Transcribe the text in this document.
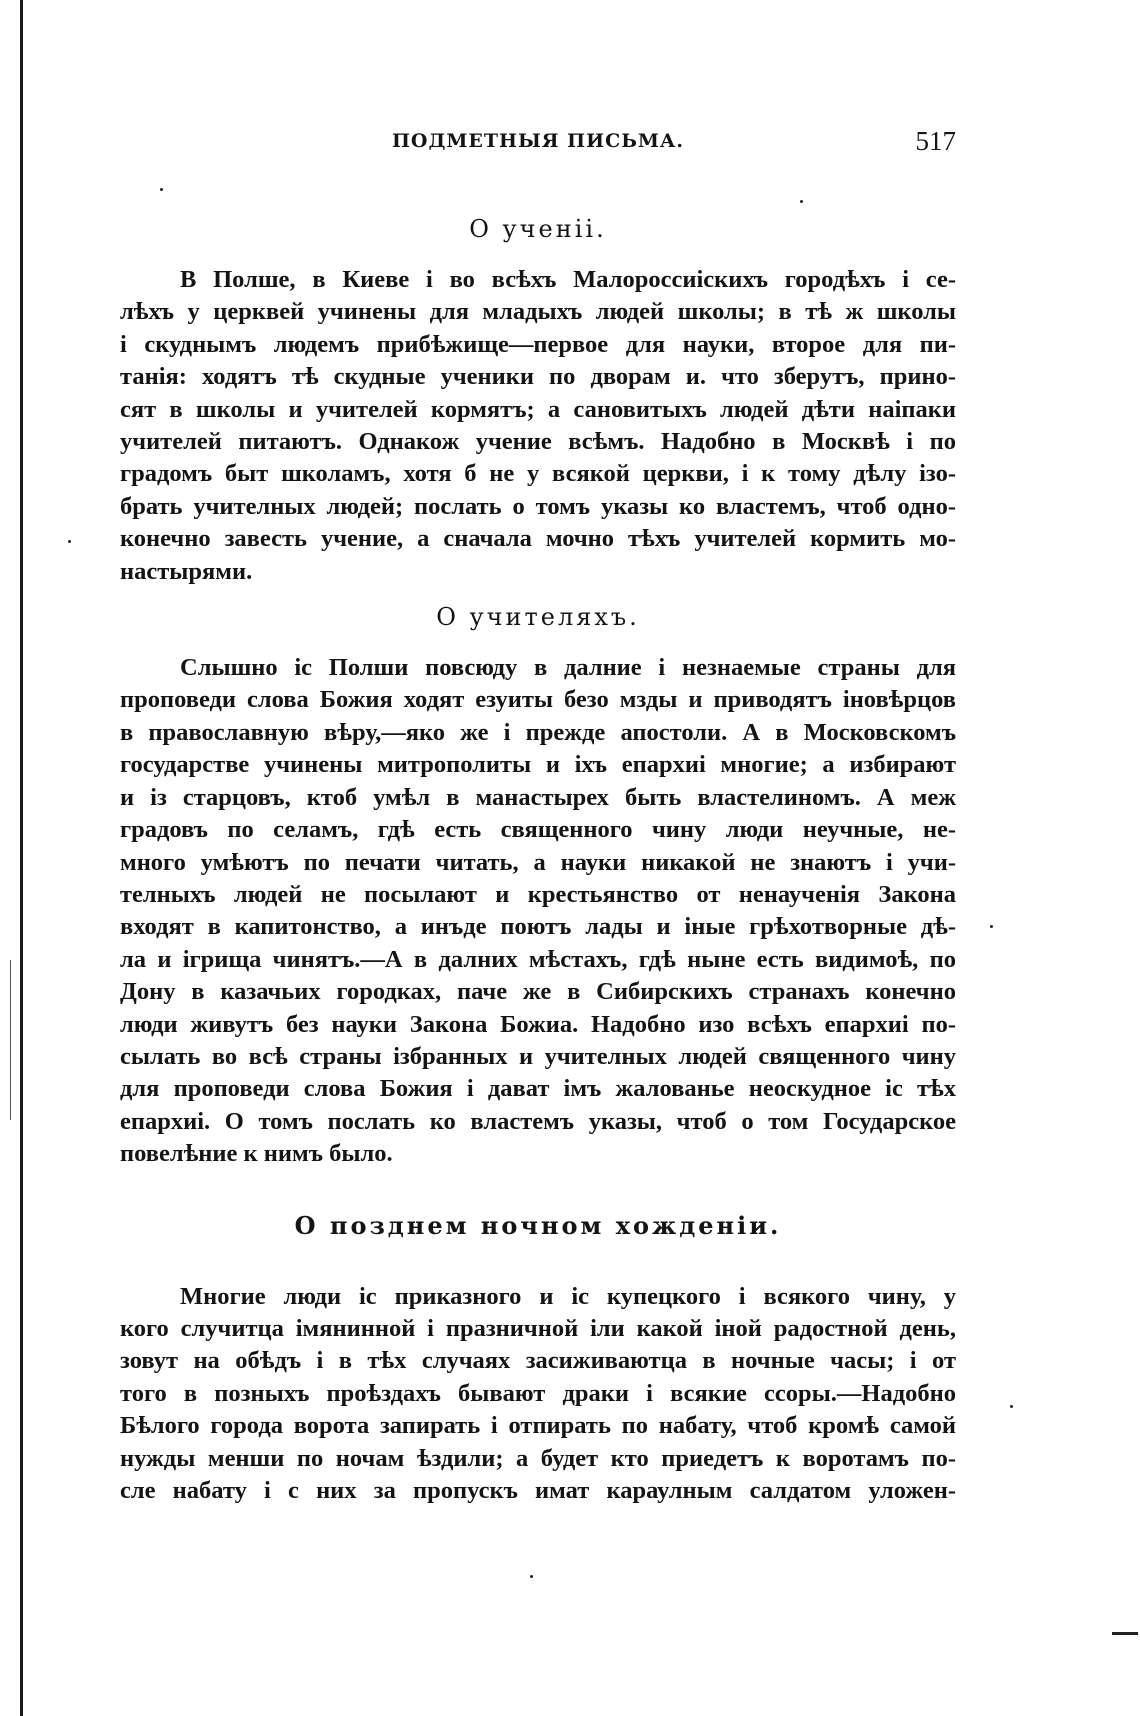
ПОДМЕТНЫЯ ПИСЬМА.	517
О ученiі.
В Полше, в Киеве і во всѣхъ Малороссиіскихъ городѣхъ і се-
лѣхъ у церквей учинены для младыхъ людей школы; в тѣ ж школы
і скуднымъ людемъ прибѣжище—первое для науки, второе для пи-
танія: ходятъ тѣ скудные ученики по дворам и. что зберутъ, прино-
сят в школы и учителей кормятъ; а сановитыхъ людей дѣти наіпаки
учителей питаютъ. Однакож учение всѣмъ. Надобно в Москвѣ і по
градомъ быт школамъ, хотя б не у всякой церкви, і к тому дѣлу ізо-
брать учителных людей; послать о томъ указы ко властемъ, чтоб одно-
конечно завесть учение, а сначала мочно тѣхъ учителей кормить мо-
настырями.
О учителяхъ.
Слышно іс Полши повсюду в далние і незнаемые страны для
проповеди слова Божия ходят езуиты безо мзды и приводятъ іновѣрцов
в православную вѣру,—яко же і прежде апостоли. А в Московскомъ
государстве учинены митрополиты и іхъ епархиі многие; а избирают
и із старцовъ, ктоб умѣл в манастырех быть властелиномъ. А меж
градовъ по селамъ, гдѣ есть священного чину люди неучные, не-
много умѣютъ по печати читать, а науки никакой не знаютъ і учи-
телныхъ людей не посылают и крестьянство от ненаученія Закона
входят в капитонство, а инъде поютъ лады и іные грѣхотворные дѣ-
ла и ігрища чинятъ.—А в далних мѣстахъ, гдѣ ныне есть видимоѣ, по
Дону в казачьих городках, паче же в Сибирскихъ странахъ конечно
люди живутъ без науки Закона Божиа. Надобно изо всѣхъ епархиі по-
сылать во всѣ страны ізбранных и учителных людей священного чину
для проповеди слова Божия і дават імъ жалованье неоскудное іс тѣх
епархиі. О томъ послать ко властемъ указы, чтоб о том Государское
повелѣние к нимъ было.
О позднем ночном хожденiи.
Многие люди іс приказного и іс купецкого і всякого чину, у
кого случитца імянинной і празничной іли какой іной радостной день,
зовут на обѣдъ і в тѣх случаях засиживаютца в ночные часы; і от
того в позныхъ проѣздахъ бывают драки і всякие ссоры.—Надобно
Бѣлого города ворота запирать і отпирать по набату, чтоб кромѣ самой
нужды менши по ночам ѣздили; а будет кто приедетъ к воротамъ по-
сле набату і с них за пропускъ имат караулным салдатом уложен-
